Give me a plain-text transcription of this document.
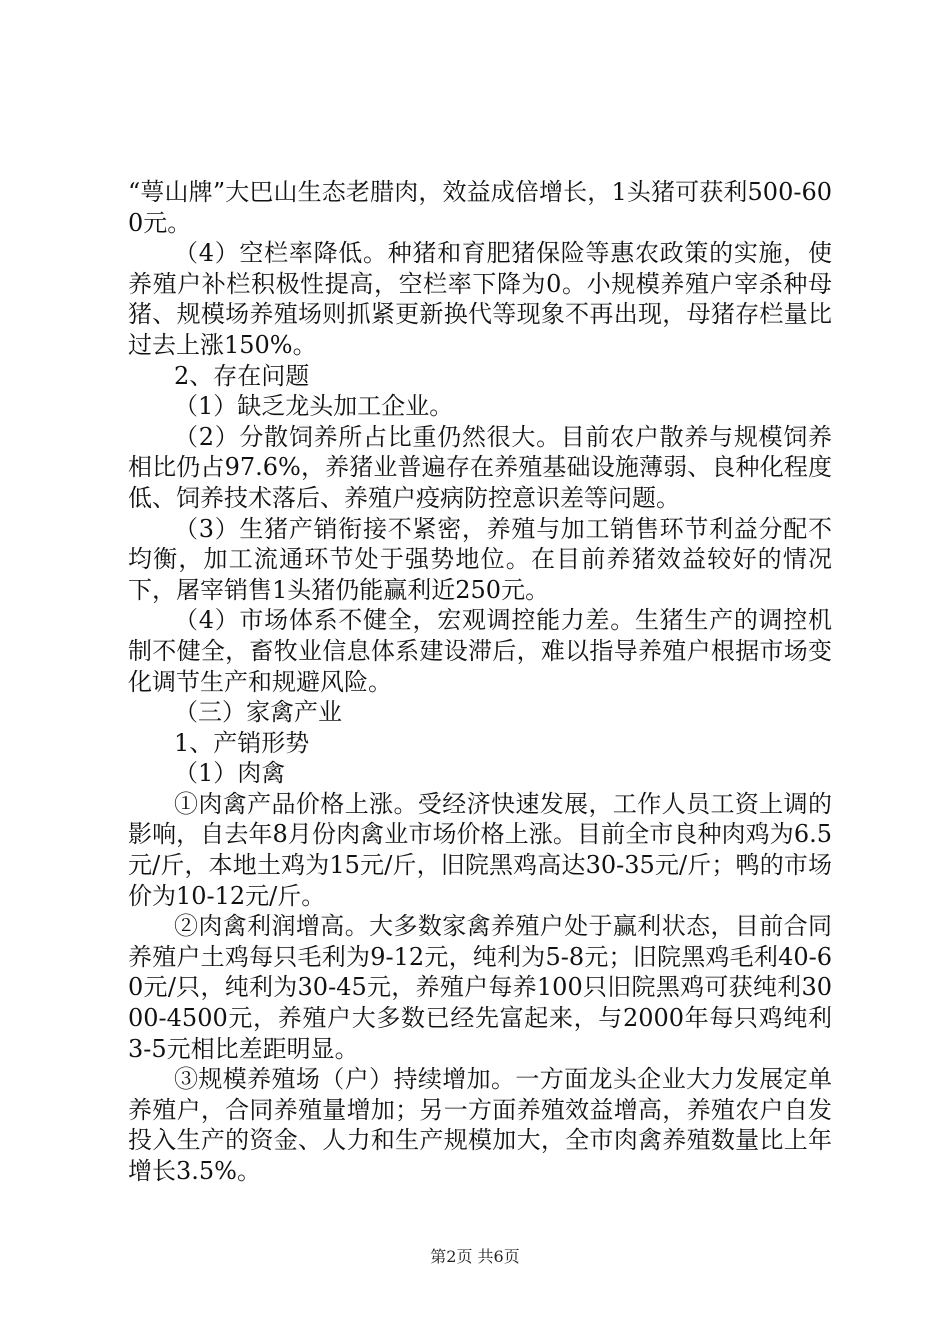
“萼山牌”大巴山生态老腊肉，效益成倍增长，1头猪可获利500-600元。

（4）空栏率降低。种猪和育肥猪保险等惠农政策的实施，使养殖户补栏积极性提高，空栏率下降为0。小规模养殖户宰杀种母猪、规模场养殖场则抓紧更新换代等现象不再出现，母猪存栏量比过去上涨150%。

2、存在问题

（1）缺乏龙头加工企业。

（2）分散饲养所占比重仍然很大。目前农户散养与规模饲养相比仍占97.6%，养猪业普遍存在养殖基础设施薄弱、良种化程度低、饲养技术落后、养殖户疫病防控意识差等问题。

（3）生猪产销衔接不紧密，养殖与加工销售环节利益分配不均衡，加工流通环节处于强势地位。在目前养猪效益较好的情况下，屠宰销售1头猪仍能赢利近250元。

（4）市场体系不健全，宏观调控能力差。生猪生产的调控机制不健全，畜牧业信息体系建设滞后，难以指导养殖户根据市场变化调节生产和规避风险。

（三）家禽产业

1、产销形势

（1）肉禽

①肉禽产品价格上涨。受经济快速发展，工作人员工资上调的影响，自去年8月份肉禽业市场价格上涨。目前全市良种肉鸡为6.5元/斤，本地土鸡为15元/斤，旧院黑鸡高达30-35元/斤；鸭的市场价为10-12元/斤。

②肉禽利润增高。大多数家禽养殖户处于赢利状态，目前合同养殖户土鸡每只毛利为9-12元，纯利为5-8元；旧院黑鸡毛利40-60元/只，纯利为30-45元，养殖户每养100只旧院黑鸡可获纯利3000-4500元，养殖户大多数已经先富起来，与2000年每只鸡纯利3-5元相比差距明显。

③规模养殖场（户）持续增加。一方面龙头企业大力发展定单养殖户，合同养殖量增加；另一方面养殖效益增高，养殖农户自发投入生产的资金、人力和生产规模加大，全市肉禽养殖数量比上年增长3.5%。

第2页 共6页
